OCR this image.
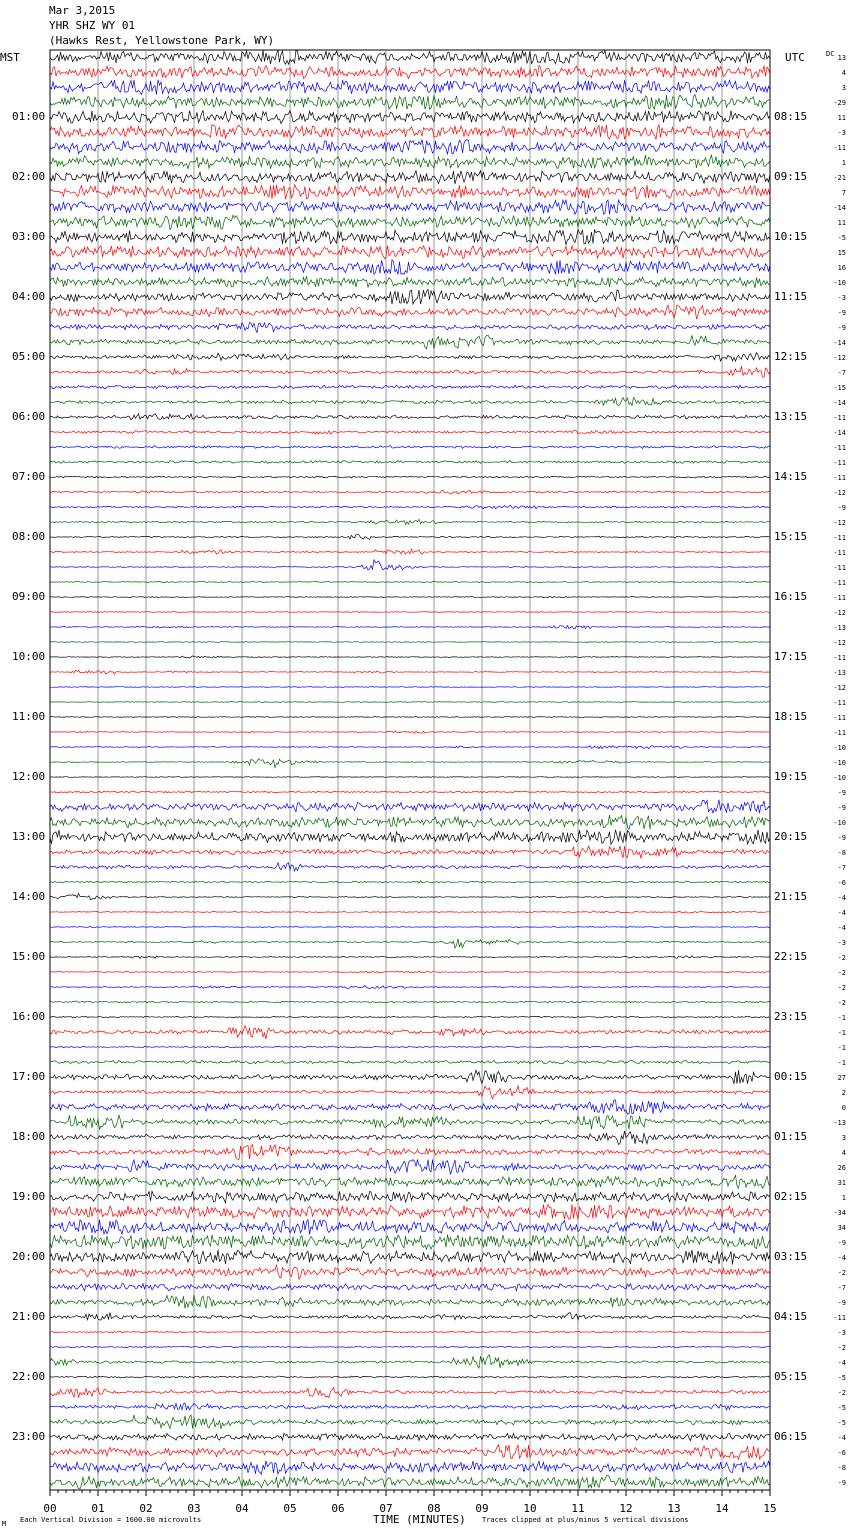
Mar 3,2015
YHR SHZ WY 01
(Hawks Rest, Yellowstone Park, WY)
MST	UTC	DC
01:00
02:00
03:00
04:00
05:00
06:00
07:00
08:00
09:00
10:00
11:00
12:00
13:00
14:00
15:00
16:00
17:00
18:00
19:00
20:00
21:00
22:00
23:00
08:15
09:15
10:15
11:15
12:15
13:15
14:15
15:15
16:15
17:15
18:15
19:15
20:15
21:15
22:15
23:15
00:15
01:15
02:15
03:15
04:15
05:15
06:15
13
4
3
-29
11
-3
-11
1
-21
7
-14
11
-5
15
16
-10
-3
-9
-9
-14
-12
-7
-15
-14
-11
-14
-11
-11
-11
-12
-9
-12
-11
-11
-11
-11
-11
-12
-13
-12
-11
-13
-12
-11
-11
-11
-10
-10
-10
-9
-9
-10
-9
-8
-7
-6
-4
-4
-4
-3
-2
-2
-2
-2
-1
-1
-1
-1
27
2
0
-13
3
4
26
31
1
-34
34
-9
-4
-2
-7
-9
-11
-3
-2
-4
-5
-2
-5
-5
-4
-6
-8
-9
00	01	02	03	04	05	06	07	08	09	10	11	12	13	14	15
M Each Vertical Division = 1600.00 microvolts	TIME (MINUTES) Traces clipped at plus/minus 5 vertical divisions
